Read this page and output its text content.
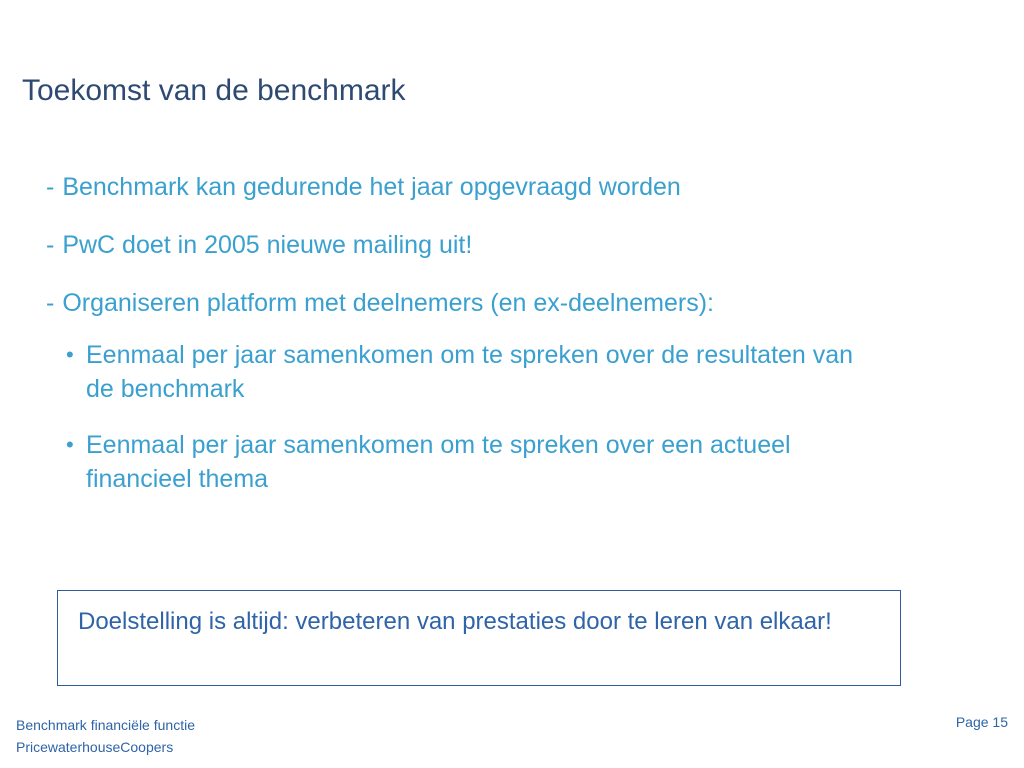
Toekomst van de benchmark
- Benchmark kan gedurende het jaar opgevraagd worden
- PwC doet in 2005 nieuwe mailing uit!
- Organiseren platform met deelnemers (en ex-deelnemers):
• Eenmaal per jaar samenkomen om te spreken over de resultaten van de benchmark
• Eenmaal per jaar samenkomen om te spreken over een actueel financieel thema
Doelstelling is altijd: verbeteren van prestaties door te leren van elkaar!
Benchmark financiële functie
PricewaterhouseCoopers
Page 15
